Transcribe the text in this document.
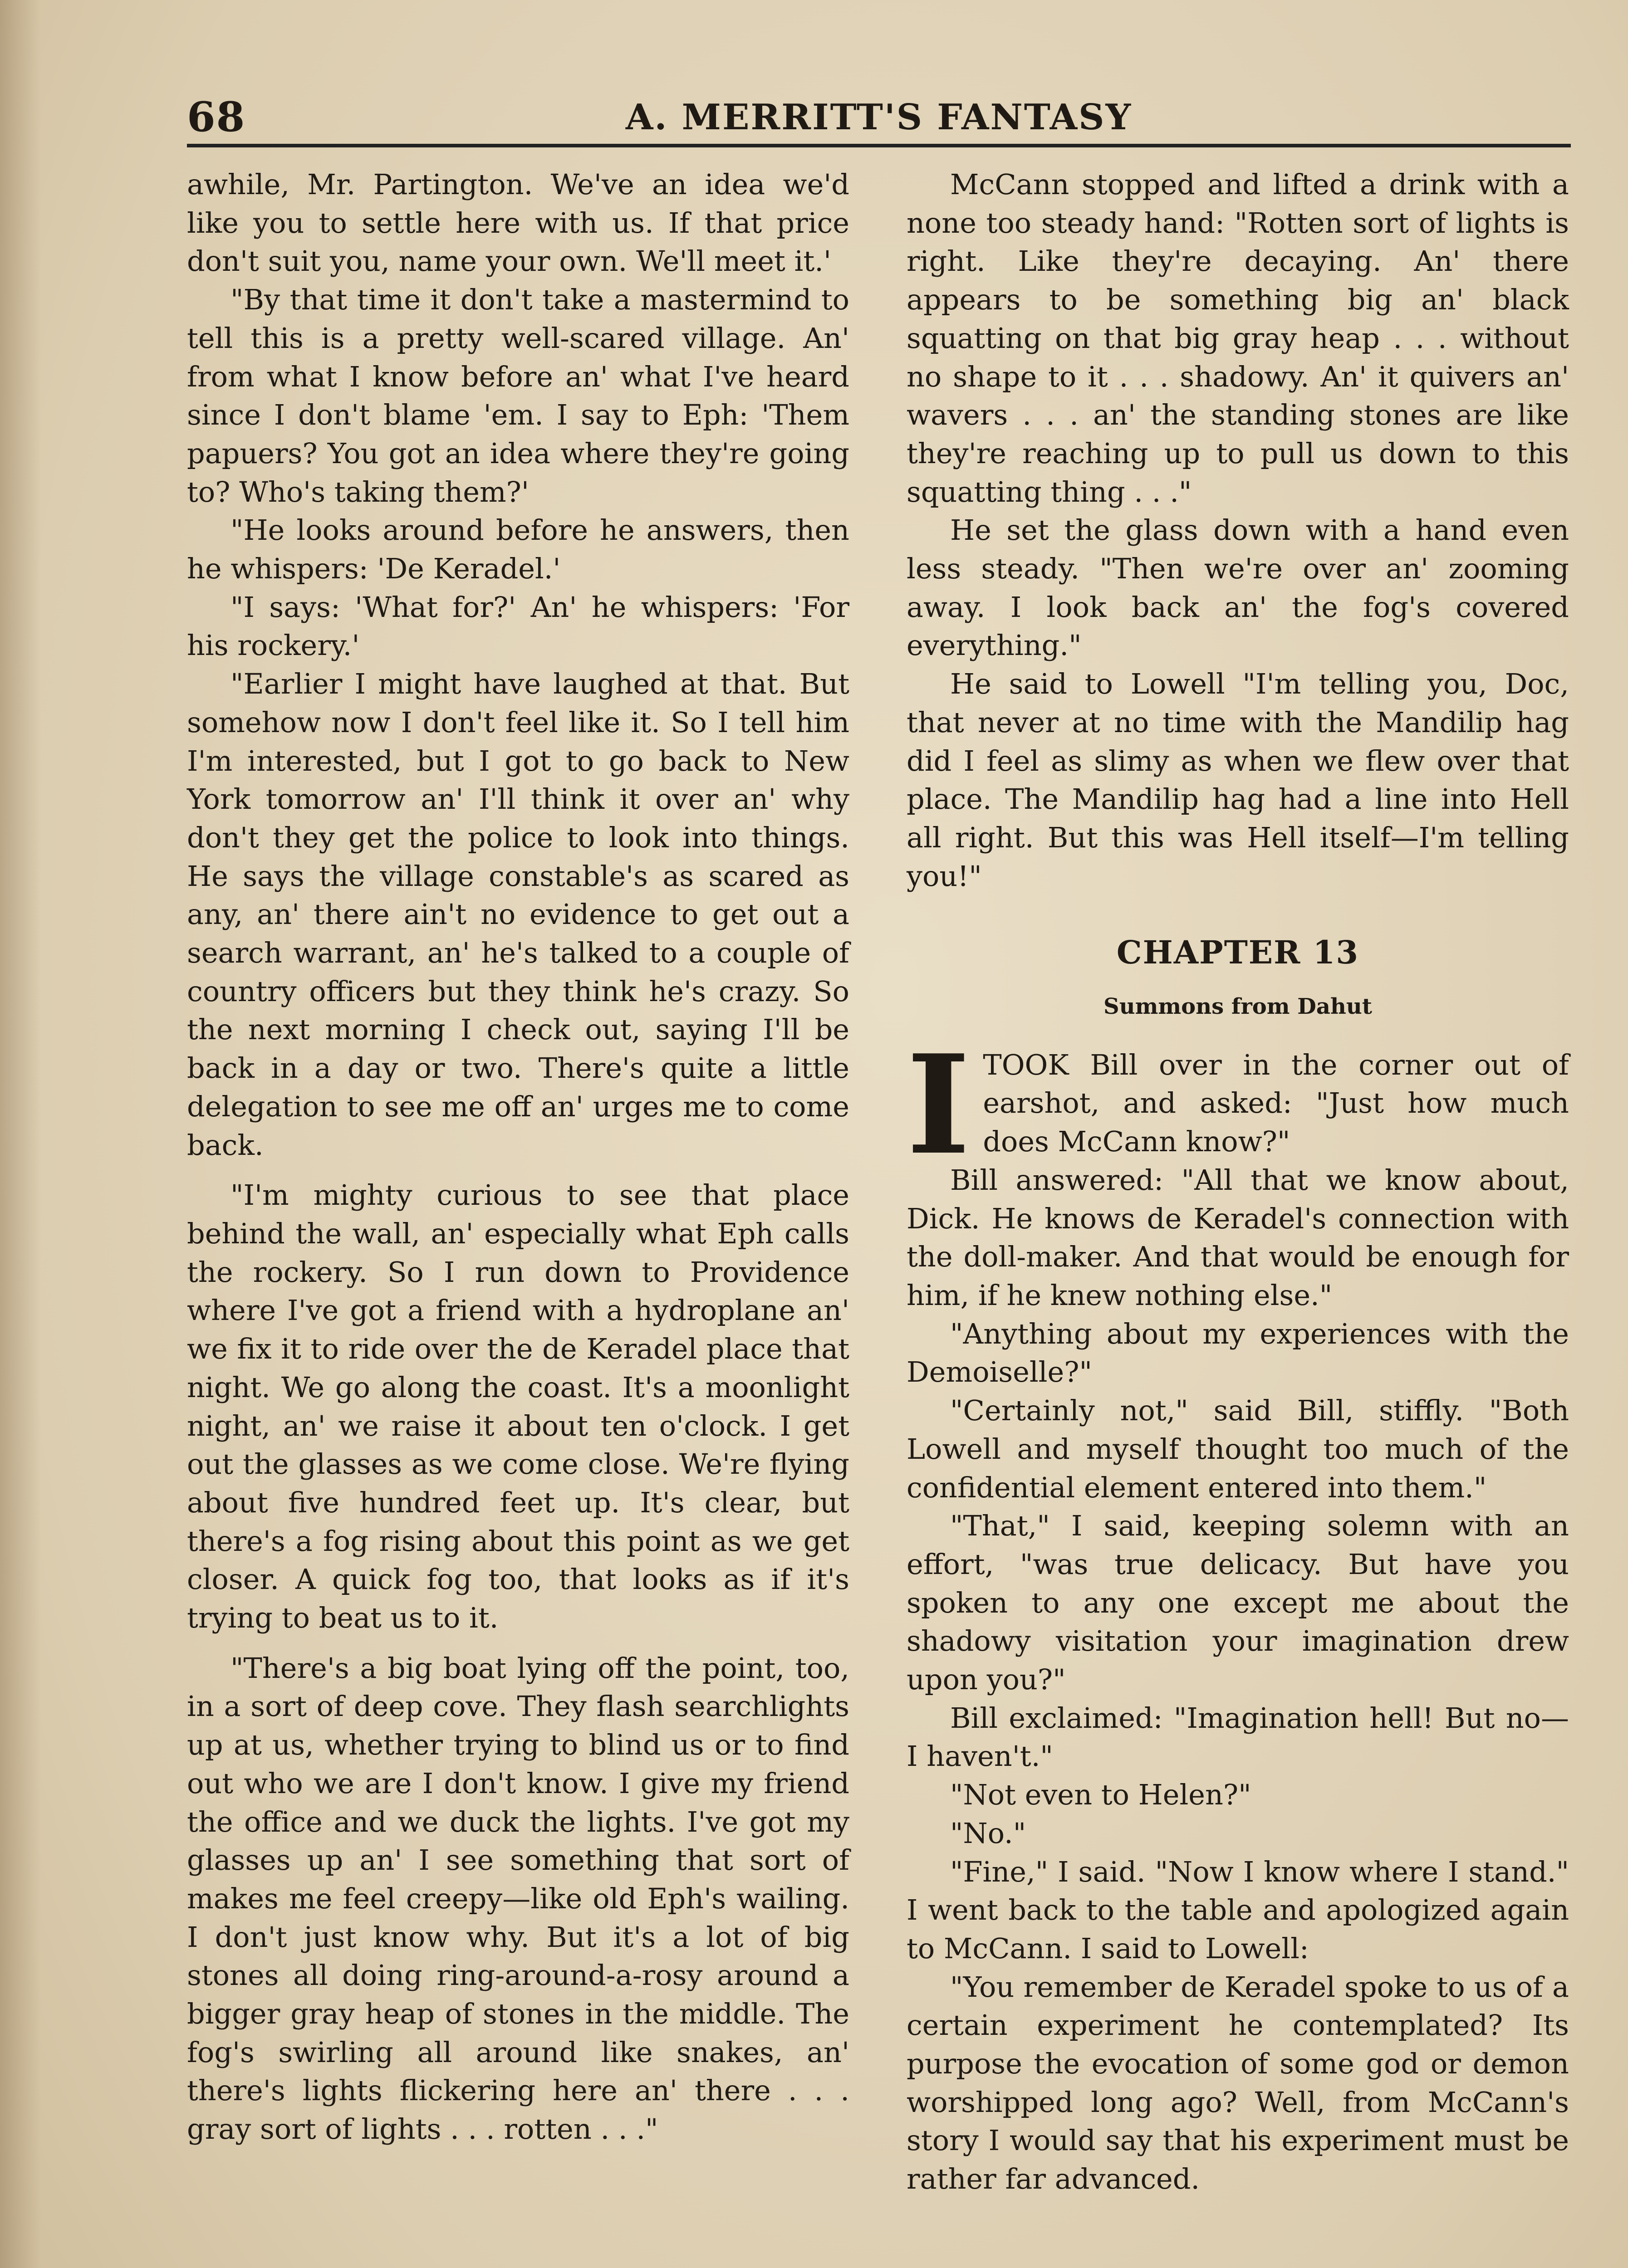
68	A. MERRITT'S FANTASY

awhile, Mr. Partington. We've an idea we'd like you to settle here with us. If that price don't suit you, name your own. We'll meet it.'

"By that time it don't take a mastermind to tell this is a pretty well-scared village. An' from what I know before an' what I've heard since I don't blame 'em. I say to Eph: 'Them papuers? You got an idea where they're going to? Who's taking them?'

"He looks around before he answers, then he whispers: 'De Keradel.'

"I says: 'What for?' An' he whispers: 'For his rockery.'

"Earlier I might have laughed at that. But somehow now I don't feel like it. So I tell him I'm interested, but I got to go back to New York tomorrow an' I'll think it over an' why don't they get the police to look into things. He says the village constable's as scared as any, an' there ain't no evidence to get out a search warrant, an' he's talked to a couple of country officers but they think he's crazy. So the next morning I check out, saying I'll be back in a day or two. There's quite a little delegation to see me off an' urges me to come back.

"I'm mighty curious to see that place behind the wall, an' especially what Eph calls the rockery. So I run down to Providence where I've got a friend with a hydroplane an' we fix it to ride over the de Keradel place that night. We go along the coast. It's a moonlight night, an' we raise it about ten o'clock. I get out the glasses as we come close. We're flying about five hundred feet up. It's clear, but there's a fog rising about this point as we get closer. A quick fog too, that looks as if it's trying to beat us to it.

"There's a big boat lying off the point, too, in a sort of deep cove. They flash searchlights up at us, whether trying to blind us or to find out who we are I don't know. I give my friend the office and we duck the lights. I've got my glasses up an' I see something that sort of makes me feel creepy—like old Eph's wailing. I don't just know why. But it's a lot of big stones all doing ring-around-a-rosy around a bigger gray heap of stones in the middle. The fog's swirling all around like snakes, an' there's lights flickering here an' there . . . gray sort of lights . . . rotten . . ."

McCann stopped and lifted a drink with a none too steady hand: "Rotten sort of lights is right. Like they're decaying. An' there appears to be something big an' black squatting on that big gray heap . . . without no shape to it . . . shadowy. An' it quivers an' wavers . . . an' the standing stones are like they're reaching up to pull us down to this squatting thing . . ."

He set the glass down with a hand even less steady. "Then we're over an' zooming away. I look back an' the fog's covered everything."

He said to Lowell "I'm telling you, Doc, that never at no time with the Mandilip hag did I feel as slimy as when we flew over that place. The Mandilip hag had a line into Hell all right. But this was Hell itself—I'm telling you!"

CHAPTER 13
Summons from Dahut

ITOOK Bill over in the corner out of earshot, and asked: "Just how much does McCann know?"

Bill answered: "All that we know about, Dick. He knows de Keradel's connection with the doll-maker. And that would be enough for him, if he knew nothing else."

"Anything about my experiences with the Demoiselle?"

"Certainly not," said Bill, stiffly. "Both Lowell and myself thought too much of the confidential element entered into them."

"That," I said, keeping solemn with an effort, "was true delicacy. But have you spoken to any one except me about the shadowy visitation your imagination drew upon you?"

Bill exclaimed: "Imagination hell! But no—I haven't."

"Not even to Helen?"

"No."

"Fine," I said. "Now I know where I stand." I went back to the table and apologized again to McCann. I said to Lowell:

"You remember de Keradel spoke to us of a certain experiment he contemplated? Its purpose the evocation of some god or demon worshipped long ago? Well, from McCann's story I would say that his experiment must be rather far advanced.
